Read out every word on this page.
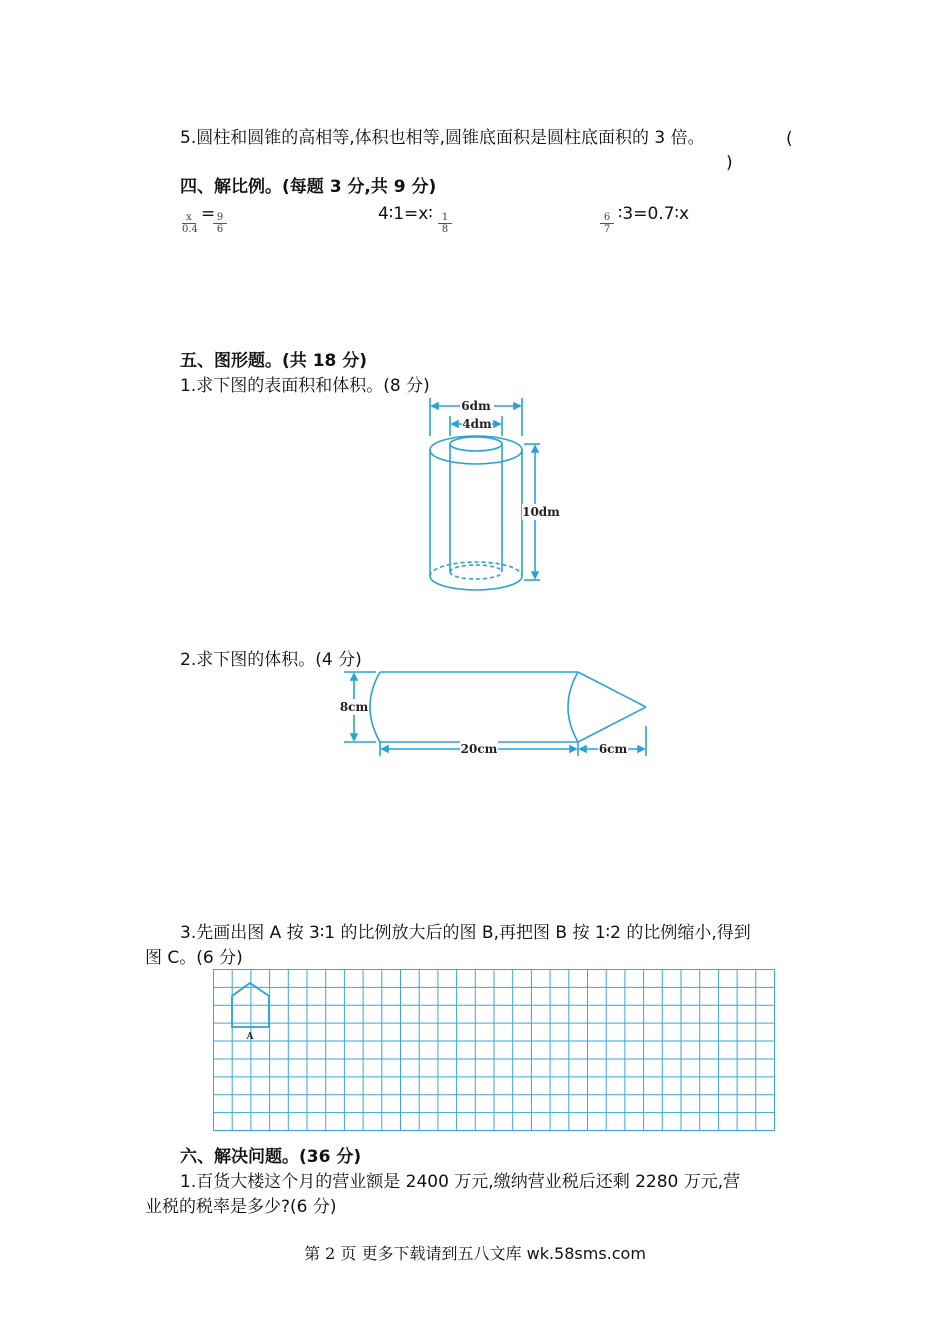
5.圆柱和圆锥的高相等,体积也相等,圆锥底面积是圆柱底面积的 3 倍。	(
)
四、解比例。(每题 3 分,共 9 分)
$\frac{x}{0.4}$ =
$\frac{9}{6}$	4∶1=x∶ $\frac{1}{8}$	$\frac{6}{7}$ ∶3=0.7∶x
五、图形题。(共 18 分)
1.求下图的表面积和体积。(8 分)
6dm
4dm
10dm
2.求下图的体积。(4 分)
8cm
20cm	6cm
3.先画出图 A 按 3∶1 的比例放大后的图 B,再把图 B 按 1∶2 的比例缩小,得到
图 C。(6 分)
A
六、解决问题。(36 分)
1.百货大楼这个月的营业额是 2400 万元,缴纳营业税后还剩 2280 万元,营
业税的税率是多少?(6 分)
第 2 页 更多下载请到五八文库 wk.58sms.com
